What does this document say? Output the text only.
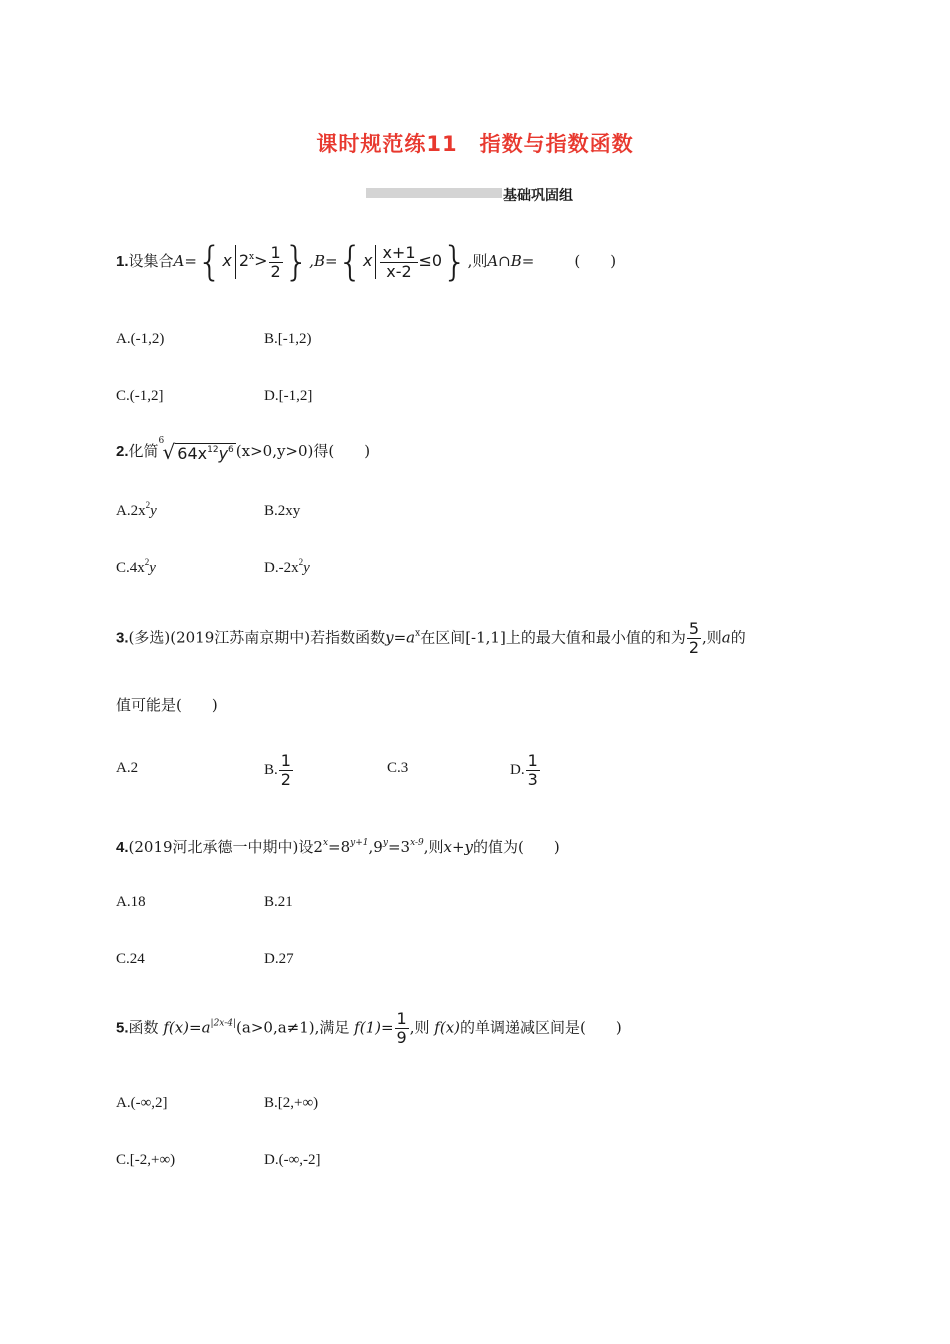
课时规范练11　指数与指数函数
基础巩固组
1.设集合A={x $2^x> \frac{1}{2} \},B=\{x \frac{x+1}{x-2} \le 0\}$,则A∩B=	(　　)
A.(-1,2)	B.[-1,2)
C.(-1,2]	D.[-1,2]
2.化简
6
√ $64x^{12}y^6$ (x>0,y>0)得(　　)
$A.2x^2y$	B.2xy
$C.4x^2y$	$D.-2x^2y$
3.(多选)(2019江苏南京期中)若指数函数$y=a^x$在区间[-1,1]上的最大值和最小值的和为 $\frac{5}{2}$ ,则a的
值可能是(　　)
A.2	B. $\frac{1}{2}$	C.3	D. $\frac{1}{3}$
4.(2019河北承德一中期中)设$2^x=8^{y+1},9^y=3^{x-9}$,则x+y的值为(　　)
A.18	B.21
C.24	D.27
5.函数 $f(x)=a^{|2x-4|}(a>0,a\ne 1)$,满足 $f(1)= \frac{1}{9}$ ,则 f(x)的单调递减区间是(　　)
A.(-∞,2]	B.[2,+∞)
C.[-2,+∞)	D.(-∞,-2]
